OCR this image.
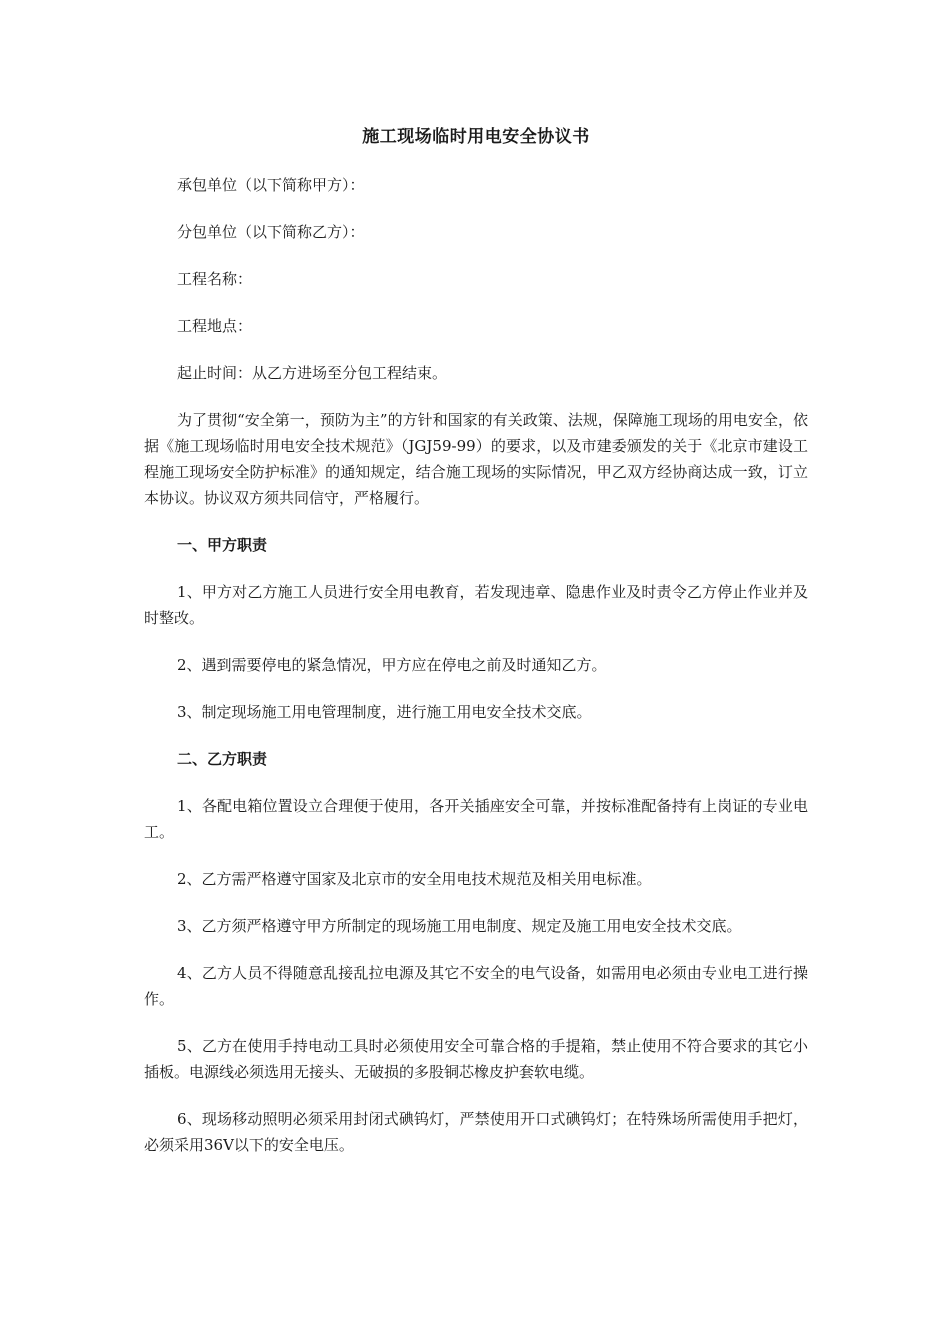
施工现场临时用电安全协议书

承包单位（以下简称甲方）：

分包单位（以下简称乙方）：

工程名称：

工程地点：

起止时间：从乙方进场至分包工程结束。

为了贯彻“安全第一，预防为主”的方针和国家的有关政策、法规，保障施工现场的用电安全，依据《施工现场临时用电安全技术规范》（JGJ59-99）的要求，以及市建委颁发的关于《北京市建设工程施工现场安全防护标准》的通知规定，结合施工现场的实际情况，甲乙双方经协商达成一致，订立本协议。协议双方须共同信守，严格履行。

一、甲方职责

1、甲方对乙方施工人员进行安全用电教育，若发现违章、隐患作业及时责令乙方停止作业并及时整改。

2、遇到需要停电的紧急情况，甲方应在停电之前及时通知乙方。

3、制定现场施工用电管理制度，进行施工用电安全技术交底。

二、乙方职责

1、各配电箱位置设立合理便于使用，各开关插座安全可靠，并按标准配备持有上岗证的专业电工。

2、乙方需严格遵守国家及北京市的安全用电技术规范及相关用电标准。

3、乙方须严格遵守甲方所制定的现场施工用电制度、规定及施工用电安全技术交底。

4、乙方人员不得随意乱接乱拉电源及其它不安全的电气设备，如需用电必须由专业电工进行操作。

5、乙方在使用手持电动工具时必须使用安全可靠合格的手提箱，禁止使用不符合要求的其它小插板。电源线必须选用无接头、无破损的多股铜芯橡皮护套软电缆。

6、现场移动照明必须采用封闭式碘钨灯，严禁使用开口式碘钨灯；在特殊场所需使用手把灯，必须采用36V以下的安全电压。
